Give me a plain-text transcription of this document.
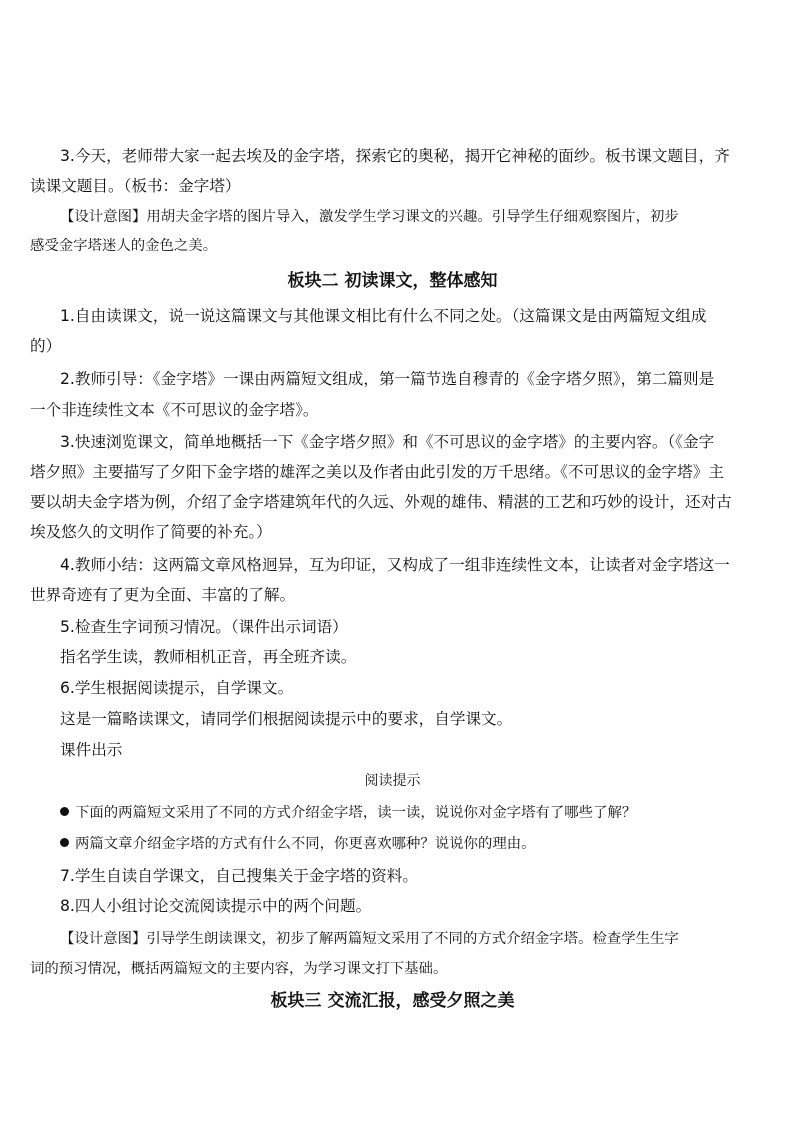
3.今天，老师带大家一起去埃及的金字塔，探索它的奥秘，揭开它神秘的面纱。板书课文题目，齐
读课文题目。（板书：金字塔）
【设计意图】用胡夫金字塔的图片导入，激发学生学习课文的兴趣。引导学生仔细观察图片，初步
感受金字塔迷人的金色之美。
板块二 初读课文，整体感知
1.自由读课文，说一说这篇课文与其他课文相比有什么不同之处。（这篇课文是由两篇短文组成
的）
2.教师引导：《金字塔》一课由两篇短文组成，第一篇节选自穆青的《金字塔夕照》，第二篇则是
一个非连续性文本《不可思议的金字塔》。
3.快速浏览课文，简单地概括一下《金字塔夕照》和《不可思议的金字塔》的主要内容。（《金字
塔夕照》主要描写了夕阳下金字塔的雄浑之美以及作者由此引发的万千思绪。《不可思议的金字塔》主
要以胡夫金字塔为例，介绍了金字塔建筑年代的久远、外观的雄伟、精湛的工艺和巧妙的设计，还对古
埃及悠久的文明作了简要的补充。）
4.教师小结：这两篇文章风格迥异，互为印证，又构成了一组非连续性文本，让读者对金字塔这一
世界奇迹有了更为全面、丰富的了解。
5.检查生字词预习情况。（课件出示词语）
指名学生读，教师相机正音，再全班齐读。
6.学生根据阅读提示，自学课文。
这是一篇略读课文，请同学们根据阅读提示中的要求，自学课文。
课件出示
阅读提示
下面的两篇短文采用了不同的方式介绍金字塔，读一读，说说你对金字塔有了哪些了解？
两篇文章介绍金字塔的方式有什么不同，你更喜欢哪种？说说你的理由。
7.学生自读自学课文，自己搜集关于金字塔的资料。
8.四人小组讨论交流阅读提示中的两个问题。
【设计意图】引导学生朗读课文，初步了解两篇短文采用了不同的方式介绍金字塔。检查学生生字
词的预习情况，概括两篇短文的主要内容，为学习课文打下基础。
板块三 交流汇报，感受夕照之美
